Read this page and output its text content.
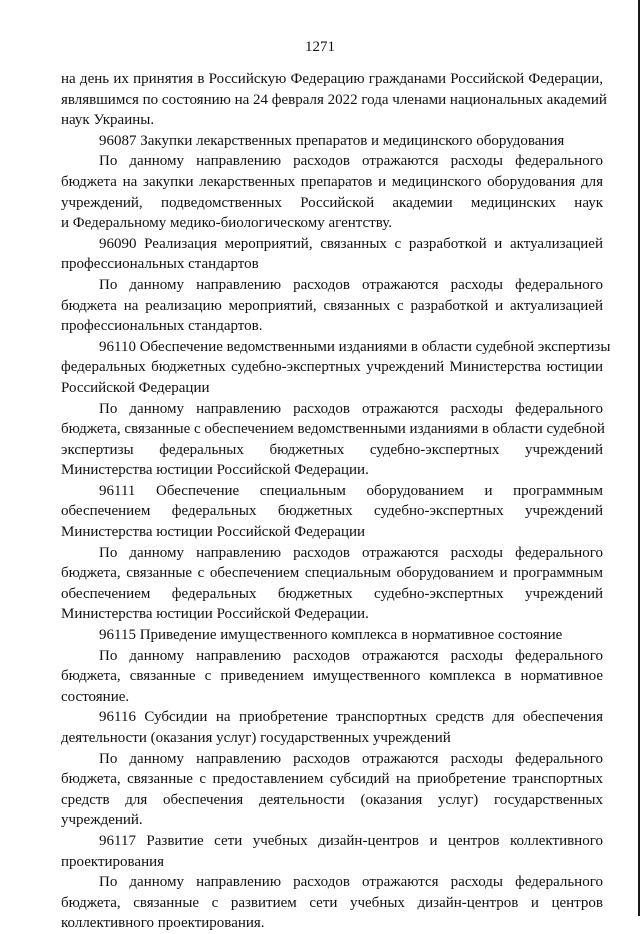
1271
на день их принятия в Российскую Федерацию гражданами Российской Федерации,
являвшимся по состоянию на 24 февраля 2022 года членами национальных академий
наук Украины.
96087 Закупки лекарственных препаратов и медицинского оборудования
По данному направлению расходов отражаются расходы федерального
бюджета на закупки лекарственных препаратов и медицинского оборудования для
учреждений, подведомственных Российской академии медицинских наук
и Федеральному медико-биологическому агентству.
96090 Реализация мероприятий, связанных с разработкой и актуализацией
профессиональных стандартов
По данному направлению расходов отражаются расходы федерального
бюджета на реализацию мероприятий, связанных с разработкой и актуализацией
профессиональных стандартов.
96110 Обеспечение ведомственными изданиями в области судебной экспертизы
федеральных бюджетных судебно-экспертных учреждений Министерства юстиции
Российской Федерации
По данному направлению расходов отражаются расходы федерального
бюджета, связанные с обеспечением ведомственными изданиями в области судебной
экспертизы федеральных бюджетных судебно-экспертных учреждений
Министерства юстиции Российской Федерации.
96111 Обеспечение специальным оборудованием и программным
обеспечением федеральных бюджетных судебно-экспертных учреждений
Министерства юстиции Российской Федерации
По данному направлению расходов отражаются расходы федерального
бюджета, связанные с обеспечением специальным оборудованием и программным
обеспечением федеральных бюджетных судебно-экспертных учреждений
Министерства юстиции Российской Федерации.
96115 Приведение имущественного комплекса в нормативное состояние
По данному направлению расходов отражаются расходы федерального
бюджета, связанные с приведением имущественного комплекса в нормативное
состояние.
96116 Субсидии на приобретение транспортных средств для обеспечения
деятельности (оказания услуг) государственных учреждений
По данному направлению расходов отражаются расходы федерального
бюджета, связанные с предоставлением субсидий на приобретение транспортных
средств для обеспечения деятельности (оказания услуг) государственных
учреждений.
96117 Развитие сети учебных дизайн-центров и центров коллективного
проектирования
По данному направлению расходов отражаются расходы федерального
бюджета, связанные с развитием сети учебных дизайн-центров и центров
коллективного проектирования.
